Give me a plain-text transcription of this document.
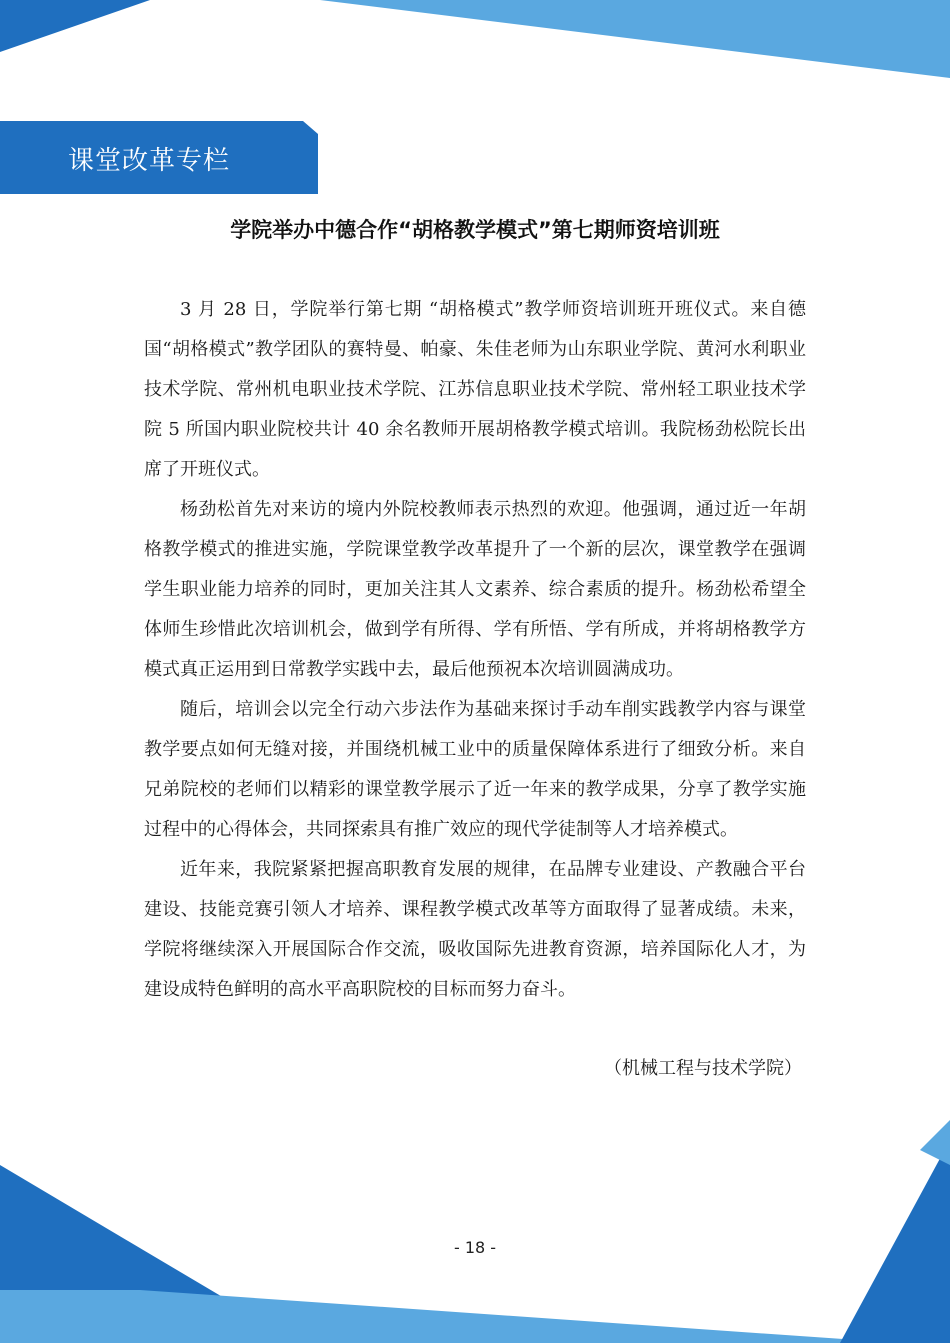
课堂改革专栏
学院举办中德合作“胡格教学模式”第七期师资培训班

3 月 28 日，学院举行第七期 “胡格模式”教学师资培训班开班仪式。来自德国“胡格模式”教学团队的赛特曼、帕豪、朱佳老师为山东职业学院、黄河水利职业技术学院、常州机电职业技术学院、江苏信息职业技术学院、常州轻工职业技术学院 5 所国内职业院校共计 40 余名教师开展胡格教学模式培训。我院杨劲松院长出席了开班仪式。

杨劲松首先对来访的境内外院校教师表示热烈的欢迎。他强调，通过近一年胡格教学模式的推进实施，学院课堂教学改革提升了一个新的层次，课堂教学在强调学生职业能力培养的同时，更加关注其人文素养、综合素质的提升。杨劲松希望全体师生珍惜此次培训机会，做到学有所得、学有所悟、学有所成，并将胡格教学方模式真正运用到日常教学实践中去，最后他预祝本次培训圆满成功。

随后，培训会以完全行动六步法作为基础来探讨手动车削实践教学内容与课堂教学要点如何无缝对接，并围绕机械工业中的质量保障体系进行了细致分析。来自兄弟院校的老师们以精彩的课堂教学展示了近一年来的教学成果，分享了教学实施过程中的心得体会，共同探索具有推广效应的现代学徒制等人才培养模式。

近年来，我院紧紧把握高职教育发展的规律，在品牌专业建设、产教融合平台建设、技能竞赛引领人才培养、课程教学模式改革等方面取得了显著成绩。未来，学院将继续深入开展国际合作交流，吸收国际先进教育资源，培养国际化人才，为建设成特色鲜明的高水平高职院校的目标而努力奋斗。

（机械工程与技术学院）
- 18 -
